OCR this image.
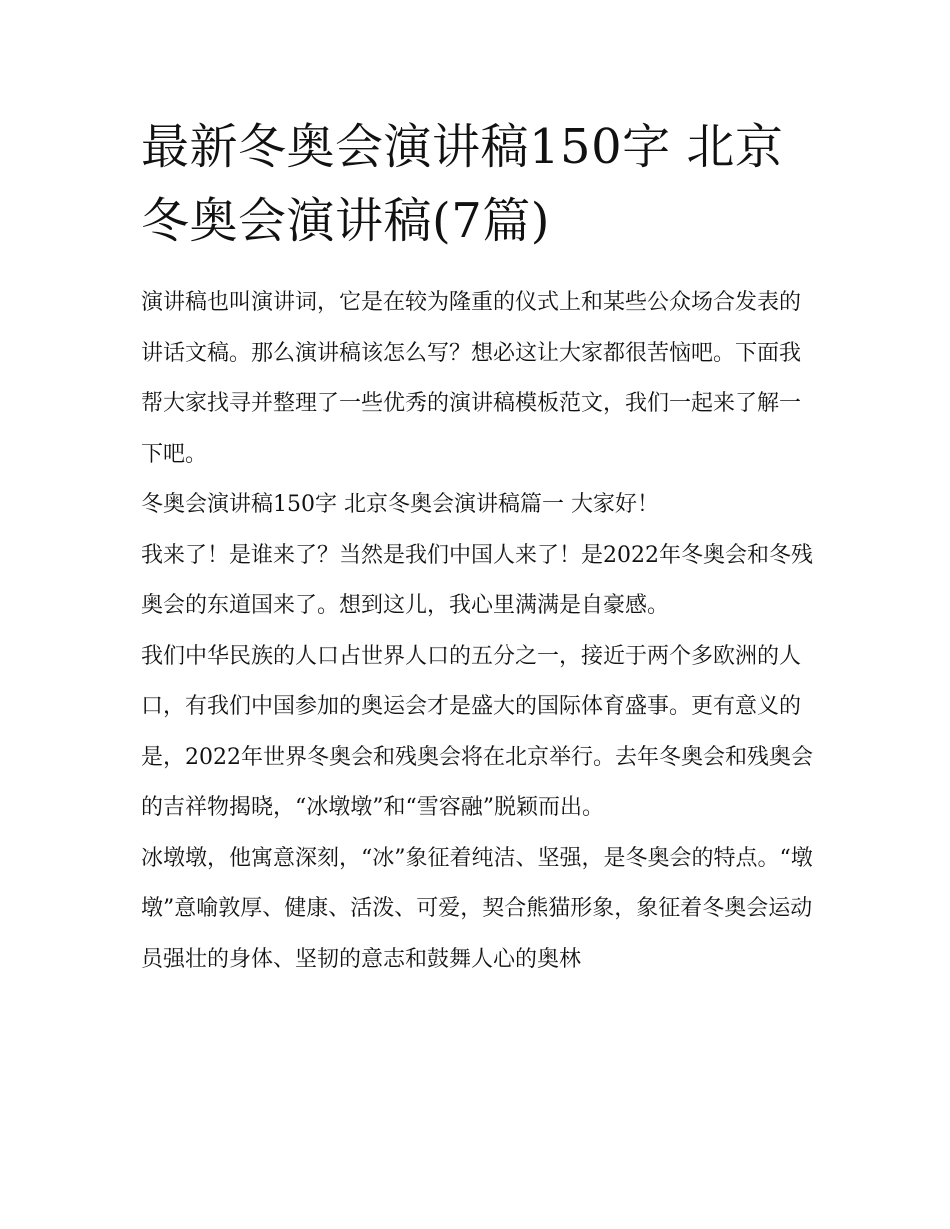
最新冬奥会演讲稿150字 北京冬奥会演讲稿(7篇)

演讲稿也叫演讲词，它是在较为隆重的仪式上和某些公众场合发表的讲话文稿。那么演讲稿该怎么写？想必这让大家都很苦恼吧。下面我帮大家找寻并整理了一些优秀的演讲稿模板范文，我们一起来了解一下吧。

冬奥会演讲稿150字 北京冬奥会演讲稿篇一 大家好！

我来了！是谁来了？当然是我们中国人来了！是2022年冬奥会和冬残奥会的东道国来了。想到这儿，我心里满满是自豪感。

我们中华民族的人口占世界人口的五分之一，接近于两个多欧洲的人口，有我们中国参加的奥运会才是盛大的国际体育盛事。更有意义的是，2022年世界冬奥会和残奥会将在北京举行。去年冬奥会和残奥会的吉祥物揭晓，“冰墩墩”和“雪容融”脱颖而出。

冰墩墩，他寓意深刻，“冰”象征着纯洁、坚强，是冬奥会的特点。“墩墩”意喻敦厚、健康、活泼、可爱，契合熊猫形象，象征着冬奥会运动员强壮的身体、坚韧的意志和鼓舞人心的奥林
